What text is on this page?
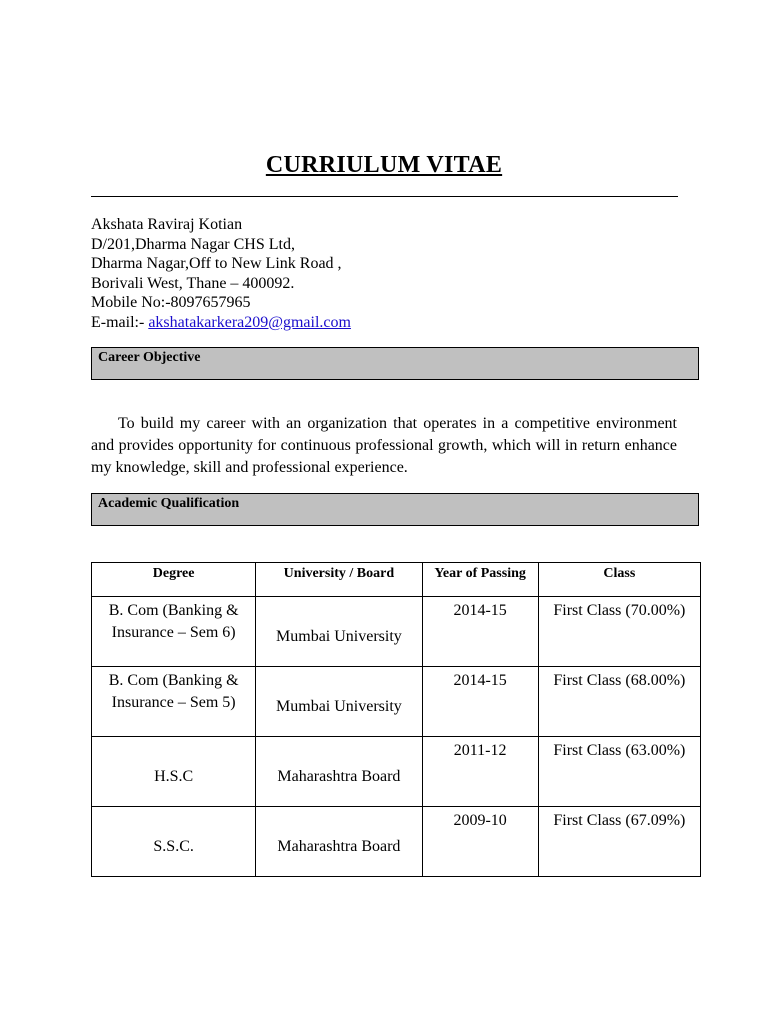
CURRIULUM VITAE
Akshata Raviraj Kotian
D/201,Dharma Nagar CHS Ltd,
Dharma Nagar,Off to New Link Road ,
Borivali West, Thane – 400092.
Mobile No:-8097657965
E-mail:- akshatakarkera209@gmail.com
Career Objective
To build my career with an organization that operates in a competitive environment and provides opportunity for continuous professional growth, which will in return enhance my knowledge, skill and professional experience.
Academic Qualification
Degree	University / Board	Year of Passing	Class

B. Com (Banking & Insurance – Sem 6)	Mumbai University	2014-15	First Class (70.00%)

B. Com (Banking & Insurance – Sem 5)	Mumbai University	2014-15	First Class (68.00%)

H.S.C	Maharashtra Board	2011-12	First Class (63.00%)

S.S.C.	Maharashtra Board	2009-10	First Class (67.09%)
